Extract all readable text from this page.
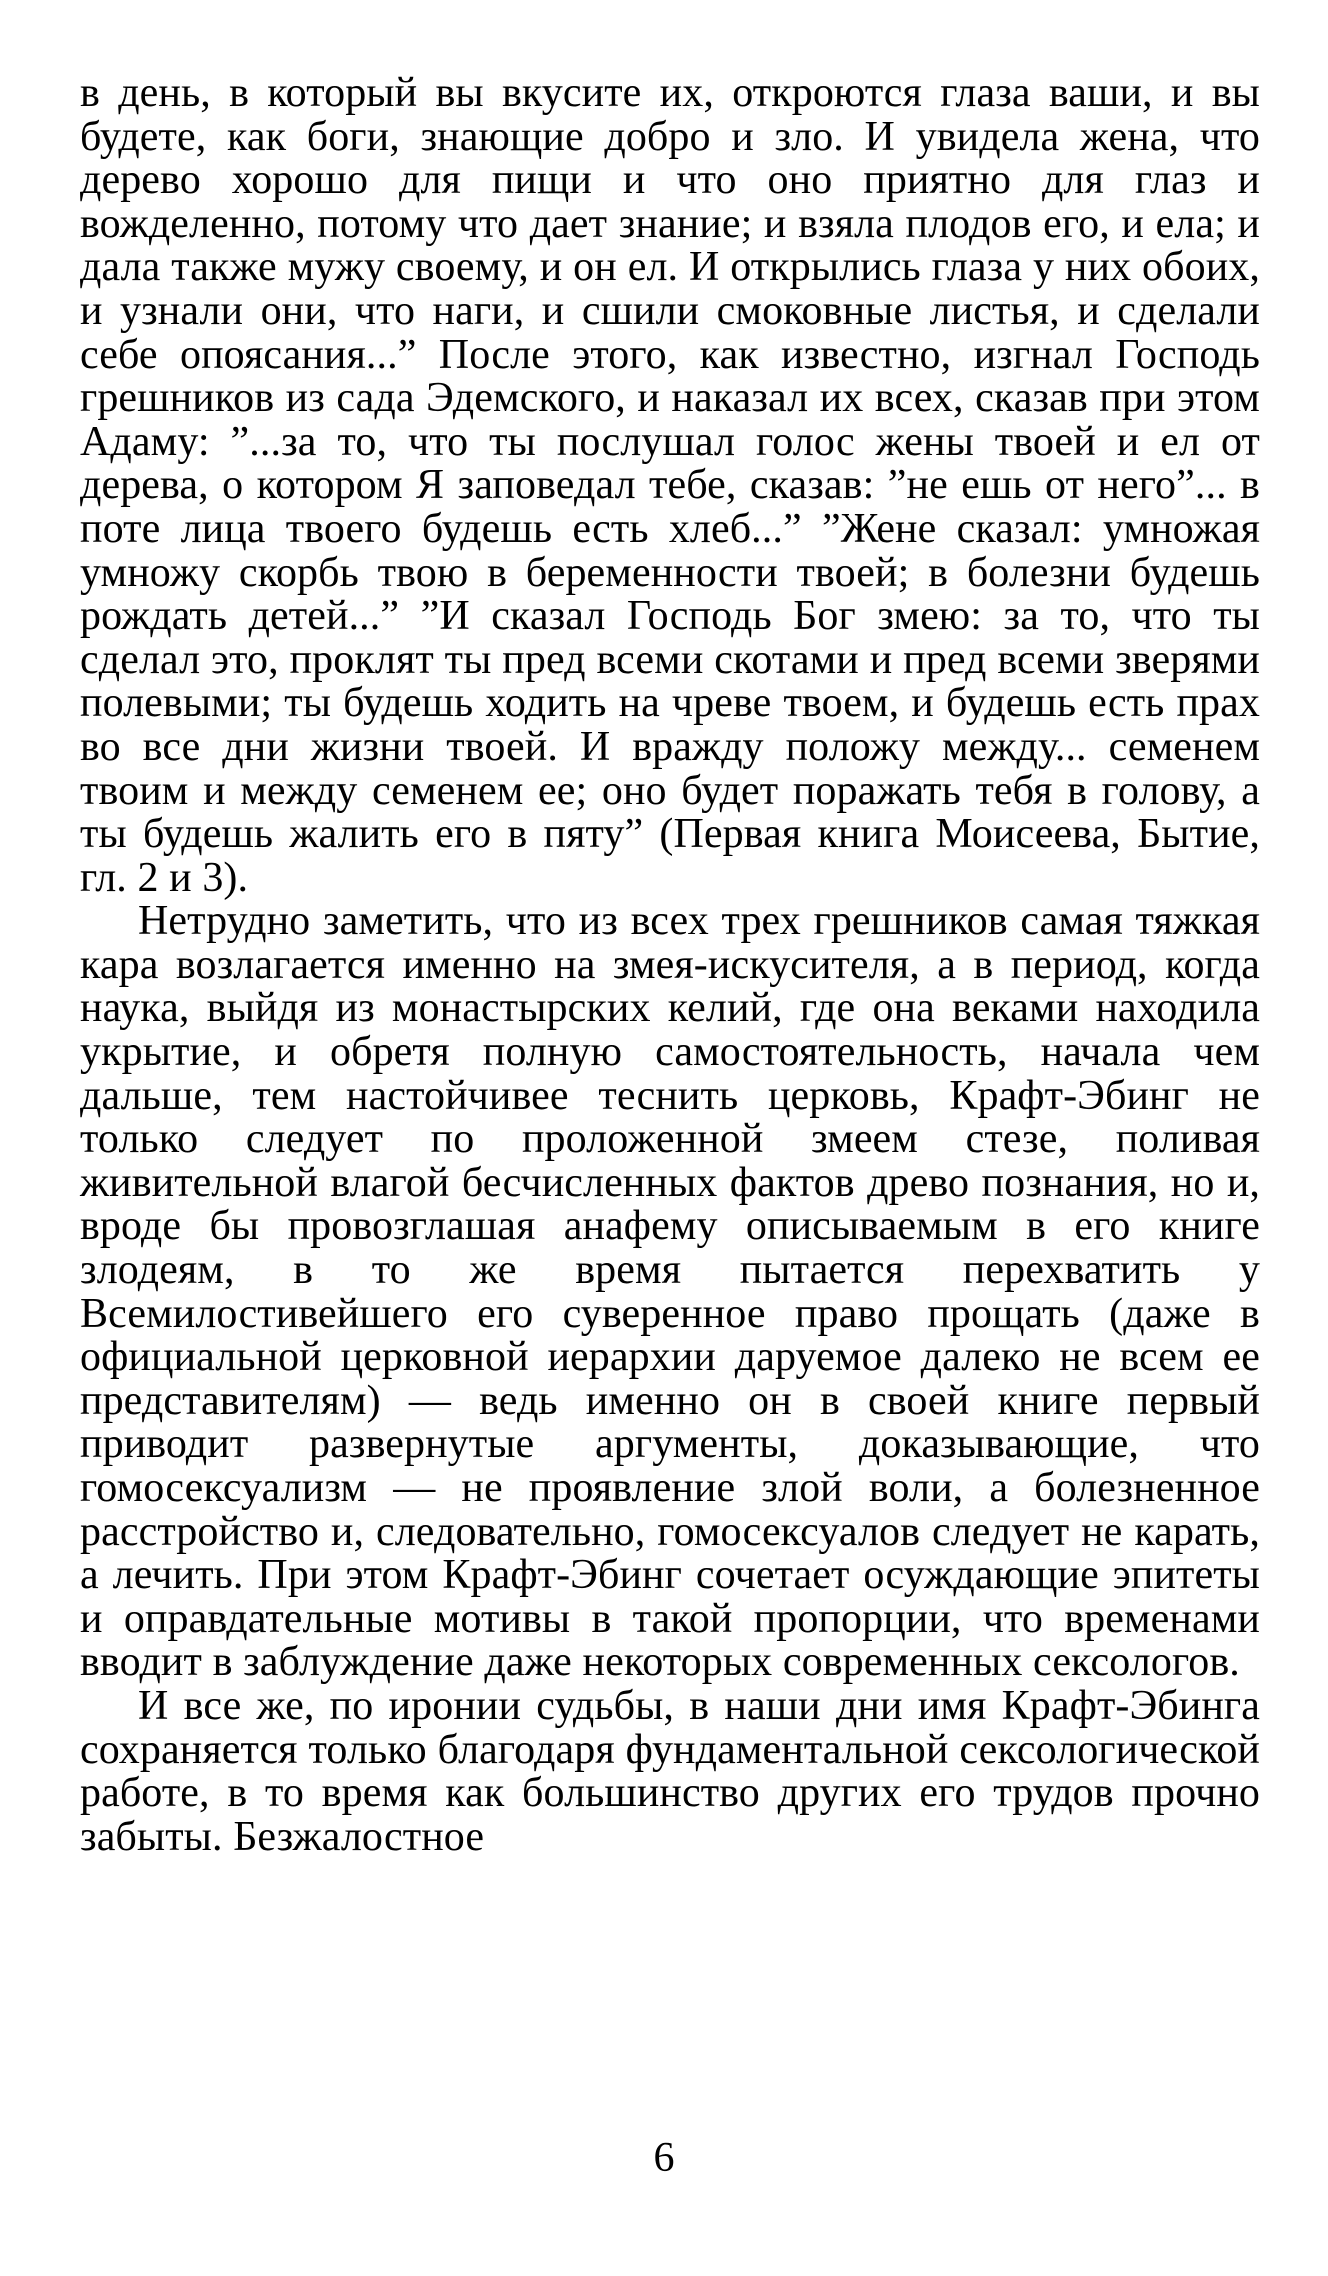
в день, в который вы вкусите их, откроются глаза ваши, и вы будете, как боги, знающие добро и зло. И увидела жена, что дерево хорошо для пищи и что оно приятно для глаз и вожделенно, потому что дает знание; и взяла плодов его, и ела; и дала также мужу своему, и он ел. И открылись глаза у них обоих, и узнали они, что наги, и сшили смоковные листья, и сделали себе опоясания...” После этого, как известно, изгнал Господь грешников из сада Эдемского, и наказал их всех, сказав при этом Адаму: ”...за то, что ты послушал голос жены твоей и ел от дерева, о котором Я заповедал тебе, сказав: ”не ешь от него”... в поте лица твоего будешь есть хлеб...” ”Жене сказал: умножая умножу скорбь твою в беременности твоей; в болезни будешь рождать детей...” ”И сказал Господь Бог змею: за то, что ты сделал это, проклят ты пред всеми скотами и пред всеми зверями полевыми; ты будешь ходить на чреве твоем, и будешь есть прах во все дни жизни твоей. И вражду положу между... семенем твоим и между семенем ее; оно будет поражать тебя в голову, а ты будешь жалить его в пяту” (Первая книга Моисеева, Бытие, гл. 2 и 3).

Нетрудно заметить, что из всех трех грешников самая тяжкая кара возлагается именно на змея-искусителя, а в период, когда наука, выйдя из монастырских келий, где она веками находила укрытие, и обретя полную самостоятельность, начала чем дальше, тем настойчивее теснить церковь, Крафт-Эбинг не только следует по проложенной змеем стезе, поливая живительной влагой бесчисленных фактов древо познания, но и, вроде бы провозглашая анафему описываемым в его книге злодеям, в то же время пытается перехватить у Всемилостивейшего его суверенное право прощать (даже в официальной церковной иерархии даруемое далеко не всем ее представителям) — ведь именно он в своей книге первый приводит развернутые аргументы, доказывающие, что гомосексуализм — не проявление злой воли, а болезненное расстройство и, следовательно, гомосексуалов следует не карать, а лечить. При этом Крафт-Эбинг сочетает осуждающие эпитеты и оправдательные мотивы в такой пропорции, что временами вводит в заблуждение даже некоторых современных сексологов.

И все же, по иронии судьбы, в наши дни имя Крафт-Эбинга сохраняется только благодаря фундаментальной сексологической работе, в то время как большинство других его трудов прочно забыты. Безжалостное

6
